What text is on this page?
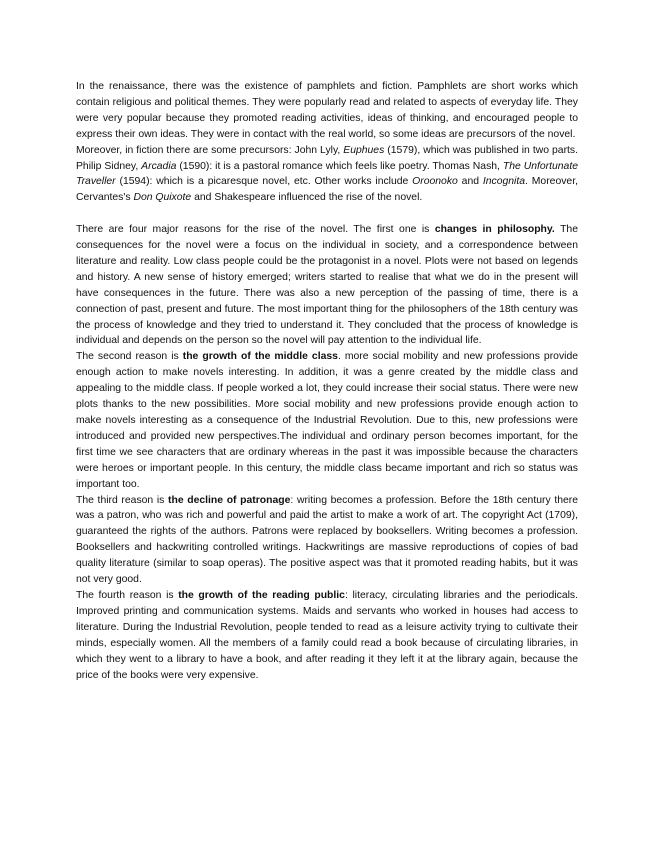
In the renaissance, there was the existence of pamphlets and fiction. Pamphlets are short works which contain religious and political themes. They were popularly read and related to aspects of everyday life. They were very popular because they promoted reading activities, ideas of thinking, and encouraged people to express their own ideas. They were in contact with the real world, so some ideas are precursors of the novel.

Moreover, in fiction there are some precursors: John Lyly, Euphues (1579), which was published in two parts. Philip Sidney, Arcadia (1590): it is a pastoral romance which feels like poetry. Thomas Nash, The Unfortunate Traveller (1594): which is a picaresque novel, etc. Other works include Oroonoko and Incognita. Moreover, Cervantes's Don Quixote and Shakespeare influenced the rise of the novel.

There are four major reasons for the rise of the novel. The first one is changes in philosophy. The consequences for the novel were a focus on the individual in society, and a correspondence between literature and reality. Low class people could be the protagonist in a novel. Plots were not based on legends and history. A new sense of history emerged; writers started to realise that what we do in the present will have consequences in the future. There was also a new perception of the passing of time, there is a connection of past, present and future. The most important thing for the philosophers of the 18th century was the process of knowledge and they tried to understand it. They concluded that the process of knowledge is individual and depends on the person so the novel will pay attention to the individual life.

The second reason is the growth of the middle class. more social mobility and new professions provide enough action to make novels interesting. In addition, it was a genre created by the middle class and appealing to the middle class. If people worked a lot, they could increase their social status. There were new plots thanks to the new possibilities. More social mobility and new professions provide enough action to make novels interesting as a consequence of the Industrial Revolution. Due to this, new professions were introduced and provided new perspectives.The individual and ordinary person becomes important, for the first time we see characters that are ordinary whereas in the past it was impossible because the characters were heroes or important people. In this century, the middle class became important and rich so status was important too.

The third reason is the decline of patronage: writing becomes a profession. Before the 18th century there was a patron, who was rich and powerful and paid the artist to make a work of art. The copyright Act (1709), guaranteed the rights of the authors. Patrons were replaced by booksellers. Writing becomes a profession. Booksellers and hackwriting controlled writings. Hackwritings are massive reproductions of copies of bad quality literature (similar to soap operas). The positive aspect was that it promoted reading habits, but it was not very good.

The fourth reason is the growth of the reading public: literacy, circulating libraries and the periodicals. Improved printing and communication systems. Maids and servants who worked in houses had access to literature. During the Industrial Revolution, people tended to read as a leisure activity trying to cultivate their minds, especially women. All the members of a family could read a book because of circulating libraries, in which they went to a library to have a book, and after reading it they left it at the library again, because the price of the books were very expensive.
